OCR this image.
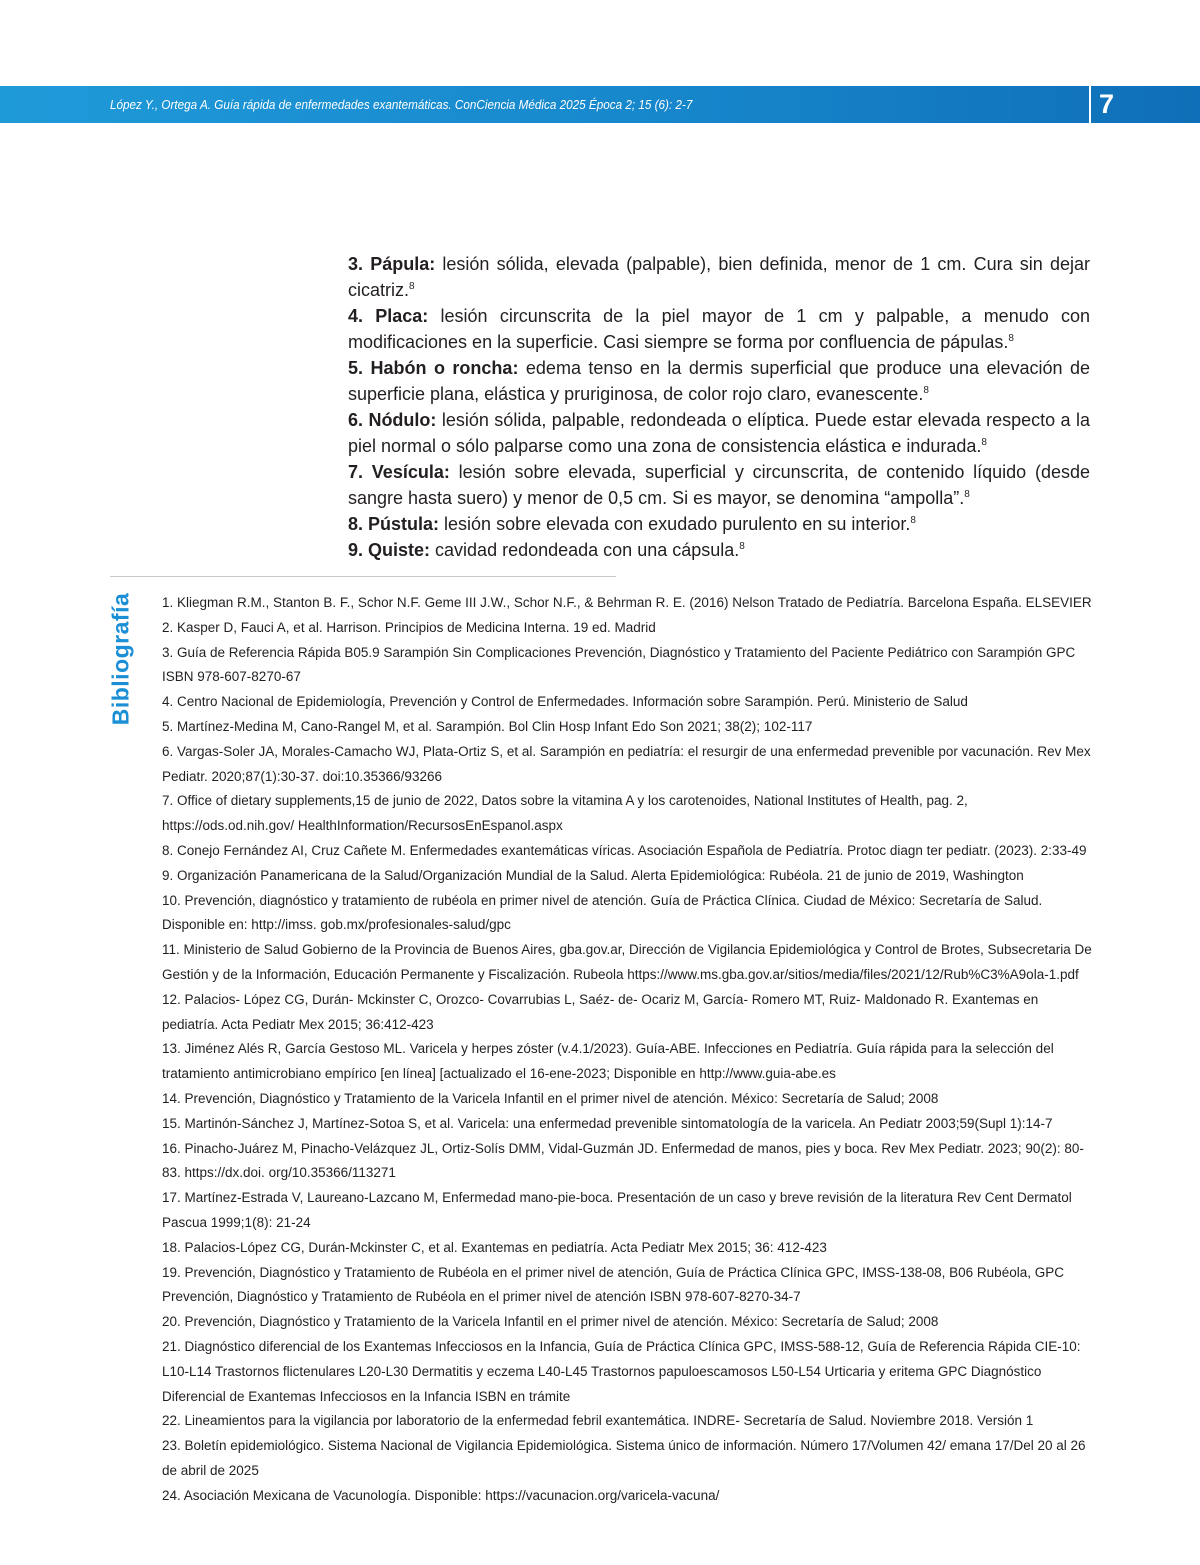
López Y., Ortega A. Guía rápida de enfermedades exantemáticas. ConCiencia Médica 2025 Época 2; 15 (6): 2-7	7

3. Pápula: lesión sólida, elevada (palpable), bien definida, menor de 1 cm. Cura sin dejar cicatriz.$^8$

4. Placa: lesión circunscrita de la piel mayor de 1 cm y palpable, a menudo con modificaciones en la superficie. Casi siempre se forma por confluencia de pápulas.$^8$

5. Habón o roncha: edema tenso en la dermis superficial que produce una elevación de superficie plana, elástica y pruriginosa, de color rojo claro, evanescente.$^8$

6. Nódulo: lesión sólida, palpable, redondeada o elíptica. Puede estar elevada respecto a la piel normal o sólo palparse como una zona de consistencia elástica e indurada.$^8$

7. Vesícula: lesión sobre elevada, superficial y circunscrita, de contenido líquido (desde sangre hasta suero) y menor de 0,5 cm. Si es mayor, se denomina “ampolla”.$^8$

8. Pústula: lesión sobre elevada con exudado purulento en su interior.$^8$

9. Quiste: cavidad redondeada con una cápsula.$^8$

Bibliografía 1. Kliegman R.M., Stanton B. F., Schor N.F. Geme III J.W., Schor N.F., & Behrman R. E. (2016) Nelson Tratado de Pediatría. Barcelona España. ELSEVIER
2. Kasper D, Fauci A, et al. Harrison. Principios de Medicina Interna. 19 ed. Madrid
3. Guía de Referencia Rápida B05.9 Sarampión Sin Complicaciones Prevención, Diagnóstico y Tratamiento del Paciente Pediátrico con Sarampión GPC ISBN 978-607-8270-67
4. Centro Nacional de Epidemiología, Prevención y Control de Enfermedades. Información sobre Sarampión. Perú. Ministerio de Salud
5. Martínez-Medina M, Cano-Rangel M, et al. Sarampión. Bol Clin Hosp Infant Edo Son 2021; 38(2); 102-117
6. Vargas-Soler JA, Morales-Camacho WJ, Plata-Ortiz S, et al. Sarampión en pediatría: el resurgir de una enfermedad prevenible por vacunación. Rev Mex Pediatr. 2020;87(1):30-37. doi:10.35366/93266
7. Office of dietary supplements,15 de junio de 2022, Datos sobre la vitamina A y los carotenoides, National Institutes of Health, pag. 2, https://ods.od.nih.gov/ HealthInformation/RecursosEnEspanol.aspx
8. Conejo Fernández AI, Cruz Cañete M. Enfermedades exantemáticas víricas. Asociación Española de Pediatría. Protoc diagn ter pediatr. (2023). 2:33-49
9. Organización Panamericana de la Salud/Organización Mundial de la Salud. Alerta Epidemiológica: Rubéola. 21 de junio de 2019, Washington
10. Prevención, diagnóstico y tratamiento de rubéola en primer nivel de atención. Guía de Práctica Clínica. Ciudad de México: Secretaría de Salud. Disponible en: http://imss. gob.mx/profesionales-salud/gpc
11. Ministerio de Salud Gobierno de la Provincia de Buenos Aires, gba.gov.ar, Dirección de Vigilancia Epidemiológica y Control de Brotes, Subsecretaria De Gestión y de la Información, Educación Permanente y Fiscalización. Rubeola https://www.ms.gba.gov.ar/sitios/media/files/2021/12/Rub%C3%A9ola-1.pdf
12. Palacios- López CG, Durán- Mckinster C, Orozco- Covarrubias L, Saéz- de- Ocariz M, García- Romero MT, Ruiz- Maldonado R. Exantemas en pediatría. Acta Pediatr Mex 2015; 36:412-423
13. Jiménez Alés R, García Gestoso ML. Varicela y herpes zóster (v.4.1/2023). Guía-ABE. Infecciones en Pediatría. Guía rápida para la selección del tratamiento antimicrobiano empírico [en línea] [actualizado el 16-ene-2023; Disponible en http://www.guia-abe.es
14. Prevención, Diagnóstico y Tratamiento de la Varicela Infantil en el primer nivel de atención. México: Secretaría de Salud; 2008
15. Martinón-Sánchez J, Martínez-Sotoa S, et al. Varicela: una enfermedad prevenible sintomatología de la varicela. An Pediatr 2003;59(Supl 1):14-7
16. Pinacho-Juárez M, Pinacho-Velázquez JL, Ortiz-Solís DMM, Vidal-Guzmán JD. Enfermedad de manos, pies y boca. Rev Mex Pediatr. 2023; 90(2): 80-83. https://dx.doi. org/10.35366/113271
17. Martínez-Estrada V, Laureano-Lazcano M, Enfermedad mano-pie-boca. Presentación de un caso y breve revisión de la literatura Rev Cent Dermatol Pascua 1999;1(8): 21-24
18. Palacios-López CG, Durán-Mckinster C, et al. Exantemas en pediatría. Acta Pediatr Mex 2015; 36: 412-423
19. Prevención, Diagnóstico y Tratamiento de Rubéola en el primer nivel de atención, Guía de Práctica Clínica GPC, IMSS-138-08, B06 Rubéola, GPC Prevención, Diagnóstico y Tratamiento de Rubéola en el primer nivel de atención ISBN 978-607-8270-34-7
20. Prevención, Diagnóstico y Tratamiento de la Varicela Infantil en el primer nivel de atención. México: Secretaría de Salud; 2008
21. Diagnóstico diferencial de los Exantemas Infecciosos en la Infancia, Guía de Práctica Clínica GPC, IMSS-588-12, Guía de Referencia Rápida CIE-10: L10-L14 Trastornos flictenulares L20-L30 Dermatitis y eczema L40-L45 Trastornos papuloescamosos L50-L54 Urticaria y eritema GPC Diagnóstico Diferencial de Exantemas Infecciosos en la Infancia ISBN en trámite
22. Lineamientos para la vigilancia por laboratorio de la enfermedad febril exantemática. INDRE- Secretaría de Salud. Noviembre 2018. Versión 1
23. Boletín epidemiológico. Sistema Nacional de Vigilancia Epidemiológica. Sistema único de información. Número 17/Volumen 42/ emana 17/Del 20 al 26 de abril de 2025
24. Asociación Mexicana de Vacunología. Disponible: https://vacunacion.org/varicela-vacuna/
